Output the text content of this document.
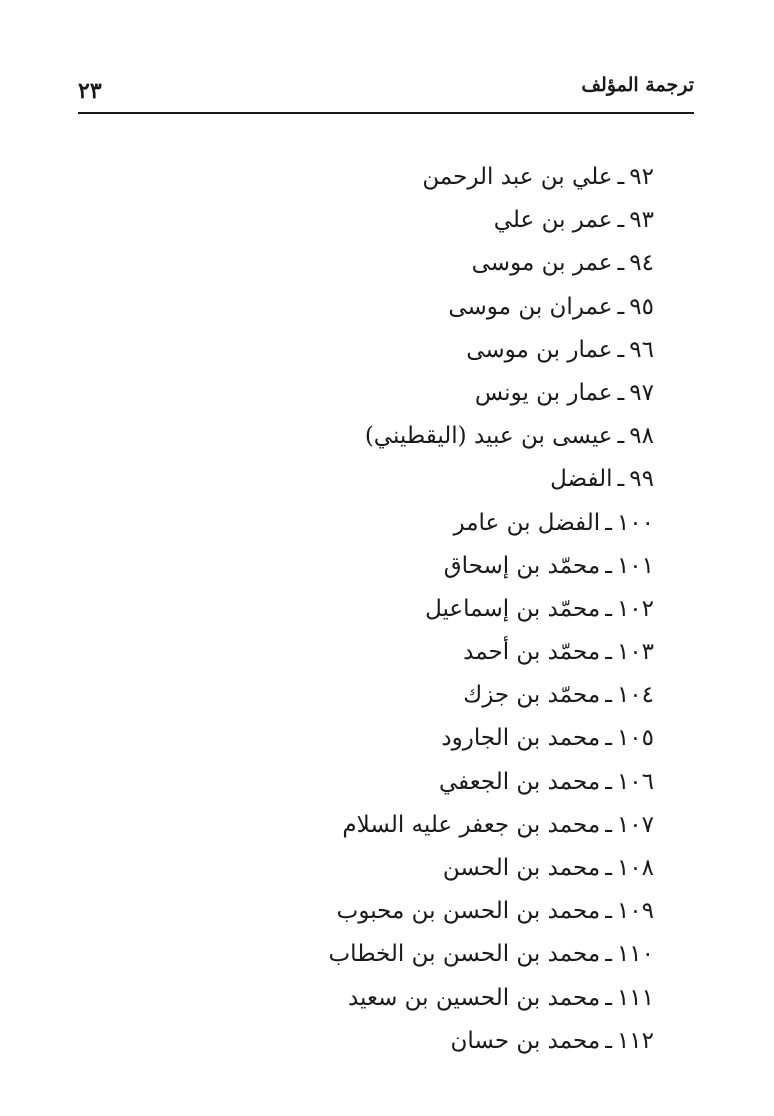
ترجمة المؤلف
٢٣
٩٢ـعلي بن عبد الرحمن
٩٣ـعمر بن علي
٩٤ـعمر بن موسى
٩٥ـعمران بن موسى
٩٦ـعمار بن موسى
٩٧ـعمار بن يونس
٩٨ـعيسى بن عبيد (اليقطيني)
٩٩ـالفضل
١٠٠ـالفضل بن عامر
١٠١ـمحمّد بن إسحاق
١٠٢ـمحمّد بن إسماعيل
١٠٣ـمحمّد بن أحمد
١٠٤ـمحمّد بن جزك
١٠٥ـمحمد بن الجارود
١٠٦ـمحمد بن الجعفي
١٠٧ـمحمد بن جعفر عليه السلام
١٠٨ـمحمد بن الحسن
١٠٩ـمحمد بن الحسن بن محبوب
١١٠ـمحمد بن الحسن بن الخطاب
١١١ـمحمد بن الحسين بن سعيد
١١٢ـمحمد بن حسان
